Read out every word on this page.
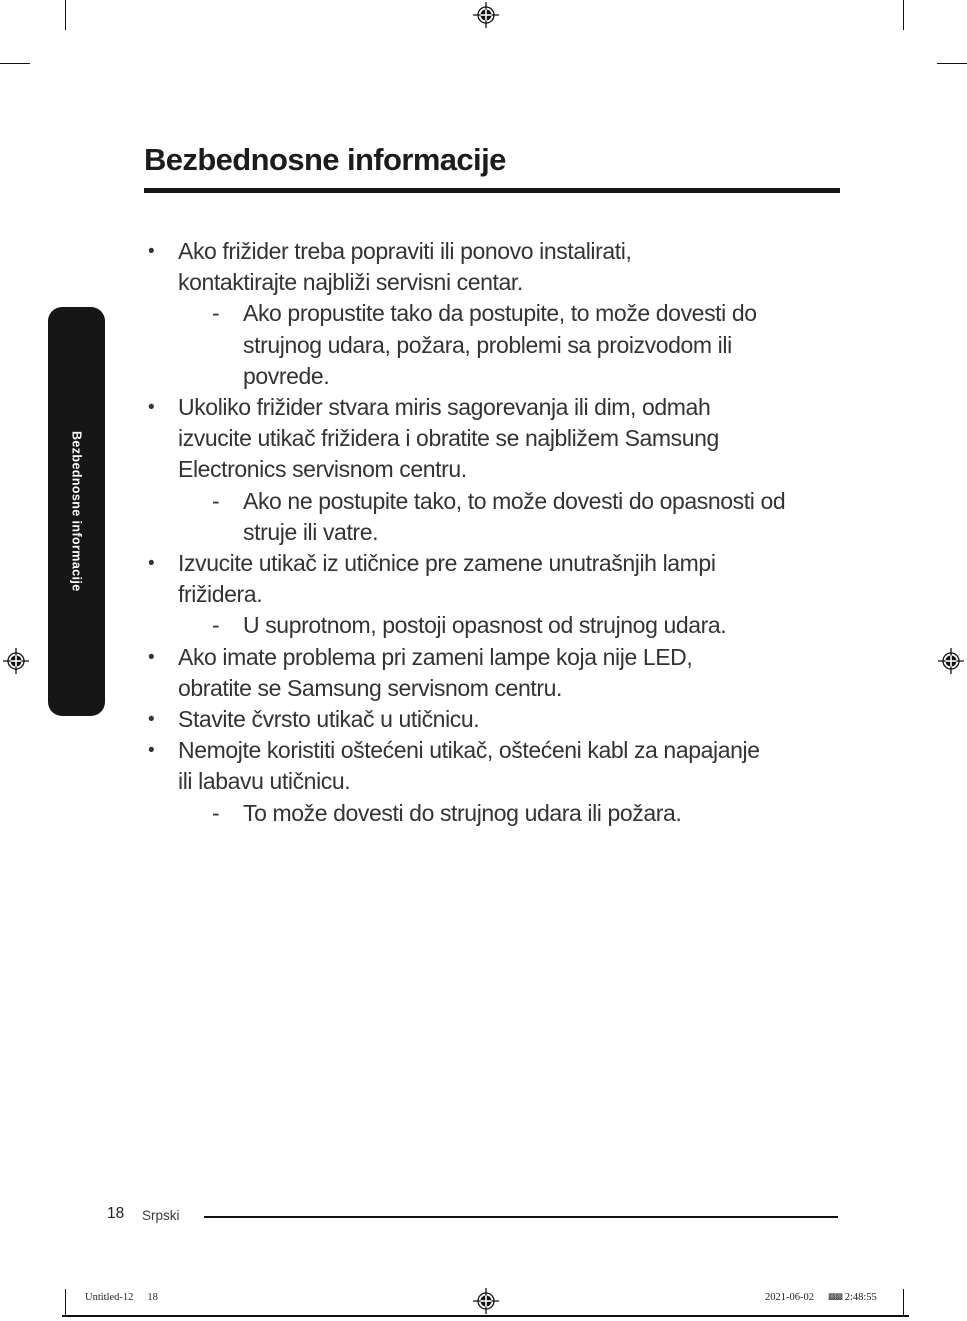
Bezbednosne informacije
• Ako frižider treba popraviti ili ponovo instalirati,
kontaktirajte najbliži servisni centar.
- Ako propustite tako da postupite, to može dovesti do
strujnog udara, požara, problemi sa proizvodom ili
povrede.
• Ukoliko frižider stvara miris sagorevanja ili dim, odmah
izvucite utikač frižidera i obratite se najbližem Samsung
Electronics servisnom centru.
- Ako ne postupite tako, to može dovesti do opasnosti od
struje ili vatre.
• Izvucite utikač iz utičnice pre zamene unutrašnjih lampi
frižidera.
- U suprotnom, postoji opasnost od strujnog udara.
• Ako imate problema pri zameni lampe koja nije LED,
obratite se Samsung servisnom centru.
• Stavite čvrsto utikač u utičnicu.
• Nemojte koristiti oštećeni utikač, oštećeni kabl za napajanje
ili labavu utičnicu.
- To može dovesti do strujnog udara ili požara.
Bezbednosne informacije
18 Srpski
Untitled-12 18	2021-06-02 ▩▩ 2:48:55
